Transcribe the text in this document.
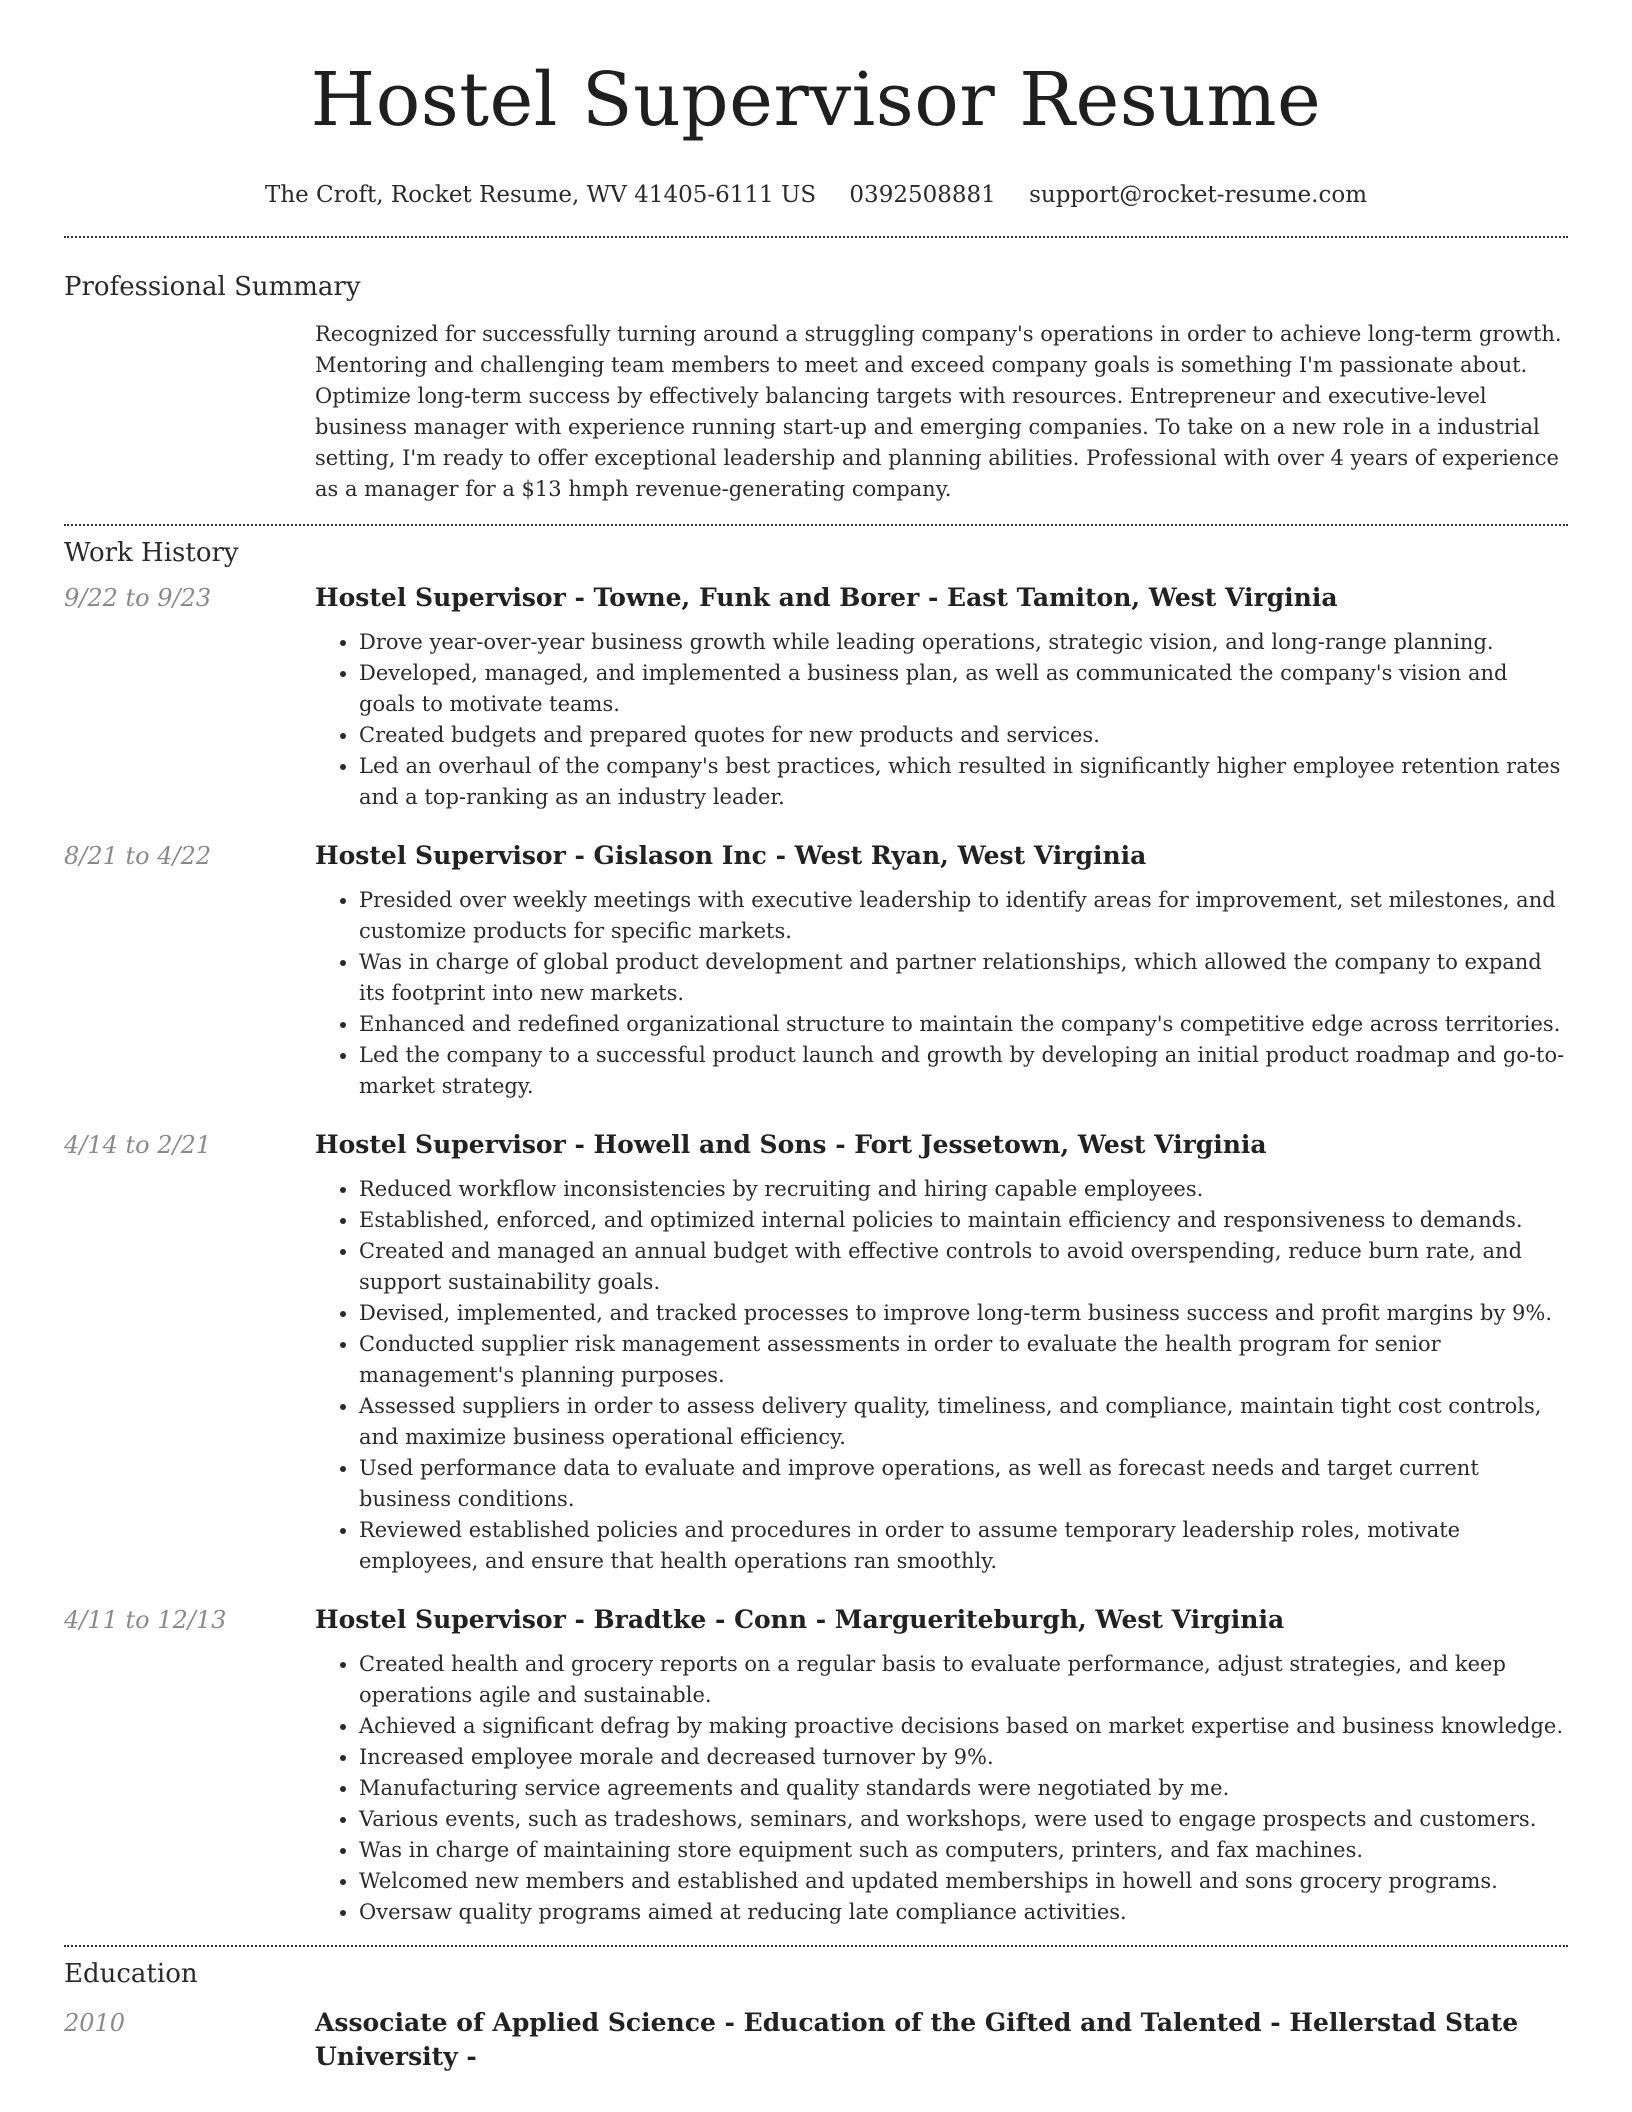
Hostel Supervisor Resume
The Croft, Rocket Resume, WV 41405-6111 US 0392508881 support@rocket-resume.com
Professional Summary

Recognized for successfully turning around a struggling company's operations in order to achieve long-term growth. Mentoring and challenging team members to meet and exceed company goals is something I'm passionate about. Optimize long-term success by effectively balancing targets with resources. Entrepreneur and executive-level business manager with experience running start-up and emerging companies. To take on a new role in a industrial setting, I'm ready to offer exceptional leadership and planning abilities. Professional with over 4 years of experience as a manager for a $13 hmph revenue-generating company.

Work History
9/22 to 9/23	Hostel Supervisor - Towne, Funk and Borer - East Tamiton, West Virginia
• Drove year-over-year business growth while leading operations, strategic vision, and long-range planning.
• Developed, managed, and implemented a business plan, as well as communicated the company's vision and goals to motivate teams.
• Created budgets and prepared quotes for new products and services.
• Led an overhaul of the company's best practices, which resulted in significantly higher employee retention rates and a top-ranking as an industry leader.
8/21 to 4/22	Hostel Supervisor - Gislason Inc - West Ryan, West Virginia
• Presided over weekly meetings with executive leadership to identify areas for improvement, set milestones, and customize products for specific markets.
• Was in charge of global product development and partner relationships, which allowed the company to expand its footprint into new markets.
• Enhanced and redefined organizational structure to maintain the company's competitive edge across territories.
• Led the company to a successful product launch and growth by developing an initial product roadmap and go-to-market strategy.
4/14 to 2/21	Hostel Supervisor - Howell and Sons - Fort Jessetown, West Virginia
• Reduced workflow inconsistencies by recruiting and hiring capable employees.
• Established, enforced, and optimized internal policies to maintain efficiency and responsiveness to demands.
• Created and managed an annual budget with effective controls to avoid overspending, reduce burn rate, and support sustainability goals.
• Devised, implemented, and tracked processes to improve long-term business success and profit margins by 9%.
• Conducted supplier risk management assessments in order to evaluate the health program for senior management's planning purposes.
• Assessed suppliers in order to assess delivery quality, timeliness, and compliance, maintain tight cost controls, and maximize business operational efficiency.
• Used performance data to evaluate and improve operations, as well as forecast needs and target current business conditions.
• Reviewed established policies and procedures in order to assume temporary leadership roles, motivate employees, and ensure that health operations ran smoothly.
4/11 to 12/13	Hostel Supervisor - Bradtke - Conn - Margueriteburgh, West Virginia
• Created health and grocery reports on a regular basis to evaluate performance, adjust strategies, and keep operations agile and sustainable.
• Achieved a significant defrag by making proactive decisions based on market expertise and business knowledge.
• Increased employee morale and decreased turnover by 9%.
• Manufacturing service agreements and quality standards were negotiated by me.
• Various events, such as tradeshows, seminars, and workshops, were used to engage prospects and customers.
• Was in charge of maintaining store equipment such as computers, printers, and fax machines.
• Welcomed new members and established and updated memberships in howell and sons grocery programs.
• Oversaw quality programs aimed at reducing late compliance activities.
Education
2010	Associate of Applied Science - Education of the Gifted and Talented - Hellerstad State University -
